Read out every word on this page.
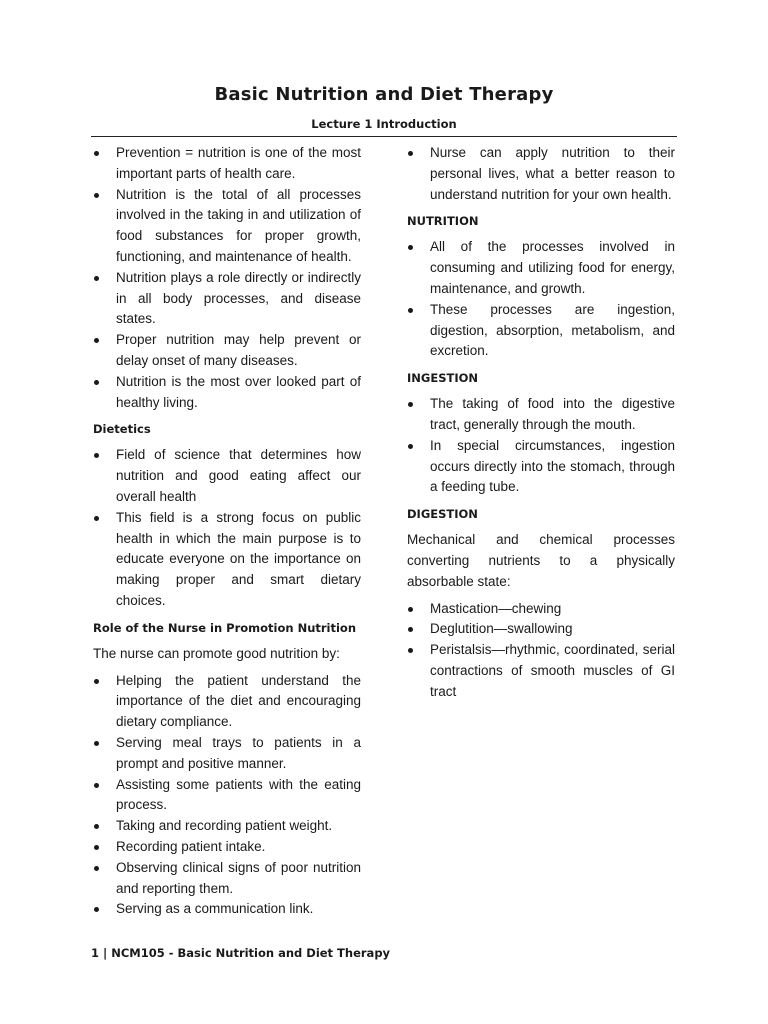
Basic Nutrition and Diet Therapy
Lecture 1 Introduction
Prevention = nutrition is one of the most important parts of health care.
Nutrition is the total of all processes involved in the taking in and utilization of food substances for proper growth, functioning, and maintenance of health.
Nutrition plays a role directly or indirectly in all body processes, and disease states.
Proper nutrition may help prevent or delay onset of many diseases.
Nutrition is the most over looked part of healthy living.
Dietetics
Field of science that determines how nutrition and good eating affect our overall health
This field is a strong focus on public health in which the main purpose is to educate everyone on the importance on making proper and smart dietary choices.
Role of the Nurse in Promotion Nutrition

The nurse can promote good nutrition by:

Helping the patient understand the importance of the diet and encouraging dietary compliance.
Serving meal trays to patients in a prompt and positive manner.
Assisting some patients with the eating process.
Taking and recording patient weight.
Recording patient intake.
Observing clinical signs of poor nutrition and reporting them.
Serving as a communication link.
Nurse can apply nutrition to their personal lives, what a better reason to understand nutrition for your own health.
NUTRITION
All of the processes involved in consuming and utilizing food for energy, maintenance, and growth.
These processes are ingestion, digestion, absorption, metabolism, and excretion.
INGESTION
The taking of food into the digestive tract, generally through the mouth.
In special circumstances, ingestion occurs directly into the stomach, through a feeding tube.
DIGESTION

Mechanical and chemical processes converting nutrients to a physically absorbable state:

Mastication—chewing
Deglutition—swallowing
Peristalsis—rhythmic, coordinated, serial contractions of smooth muscles of GI tract
1 | NCM105 - Basic Nutrition and Diet Therapy
